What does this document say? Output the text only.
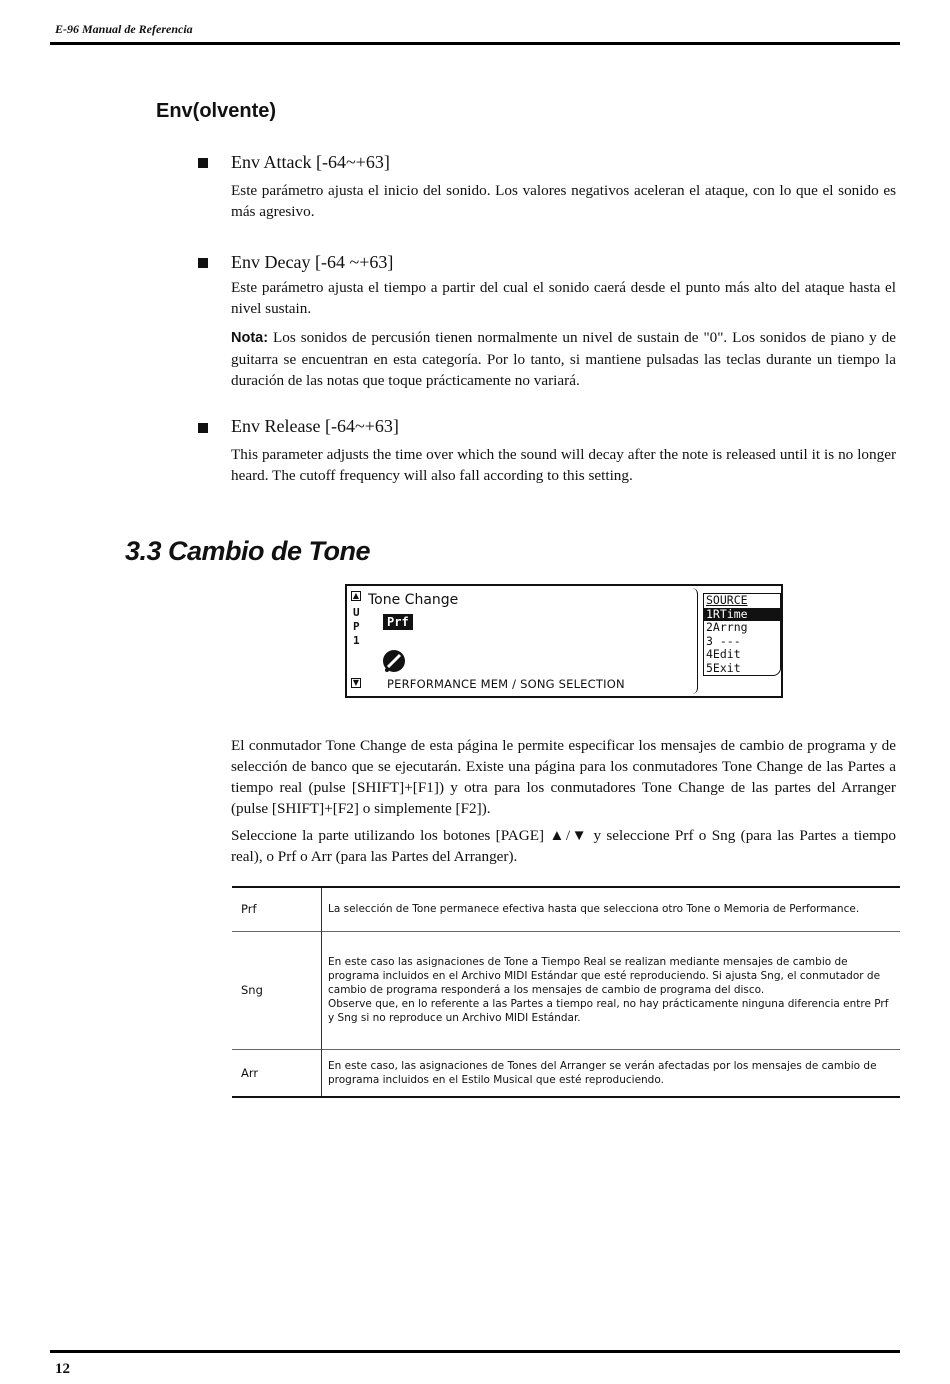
E-96 Manual de Referencia
Env(olvente)
Env Attack [-64~+63]
Este parámetro ajusta el inicio del sonido. Los valores negativos aceleran el ataque, con lo que el sonido es más agresivo.
Env Decay [-64 ~+63]
Este parámetro ajusta el tiempo a partir del cual el sonido caerá desde el punto más alto del ataque hasta el nivel sustain.
Nota: Los sonidos de percusión tienen normalmente un nivel de sustain de "0". Los sonidos de piano y de guitarra se encuentran en esta categoría. Por lo tanto, si mantiene pulsadas las teclas durante un tiempo la duración de las notas que toque prácticamente no variará.
Env Release [-64~+63]
This parameter adjusts the time over which the sound will decay after the note is released until it is no longer heard. The cutoff frequency will also fall according to this setting.
3.3 Cambio de Tone
▲
U
P
1
▼
Tone Change
Prf
PERFORMANCE MEM / SONG SELECTION
SOURCE
1RTime
2Arrng
3 ---
4Edit
5Exit
El conmutador Tone Change de esta página le permite especificar los mensajes de cambio de programa y de selección de banco que se ejecutarán. Existe una página para los conmutadores Tone Change de las Partes a tiempo real (pulse [SHIFT]+[F1]) y otra para los conmutadores Tone Change de las partes del Arranger (pulse [SHIFT]+[F2] o simplemente [F2]).
Seleccione la parte utilizando los botones [PAGE] ▲/▼ y seleccione Prf o Sng (para las Partes a tiempo real), o Prf o Arr (para las Partes del Arranger).
Prf	La selección de Tone permanece efectiva hasta que selecciona otro Tone o Memoria de Performance.

Sng	En este caso las asignaciones de Tone a Tiempo Real se realizan mediante mensajes de cambio de programa incluidos en el Archivo MIDI Estándar que esté reproduciendo. Si ajusta Sng, el conmutador de cambio de programa responderá a los mensajes de cambio de programa del disco.
Observe que, en lo referente a las Partes a tiempo real, no hay prácticamente ninguna diferencia entre Prf y Sng si no reproduce un Archivo MIDI Estándar.

Arr	En este caso, las asignaciones de Tones del Arranger se verán afectadas por los mensajes de cambio de programa incluidos en el Estilo Musical que esté reproduciendo.
12
